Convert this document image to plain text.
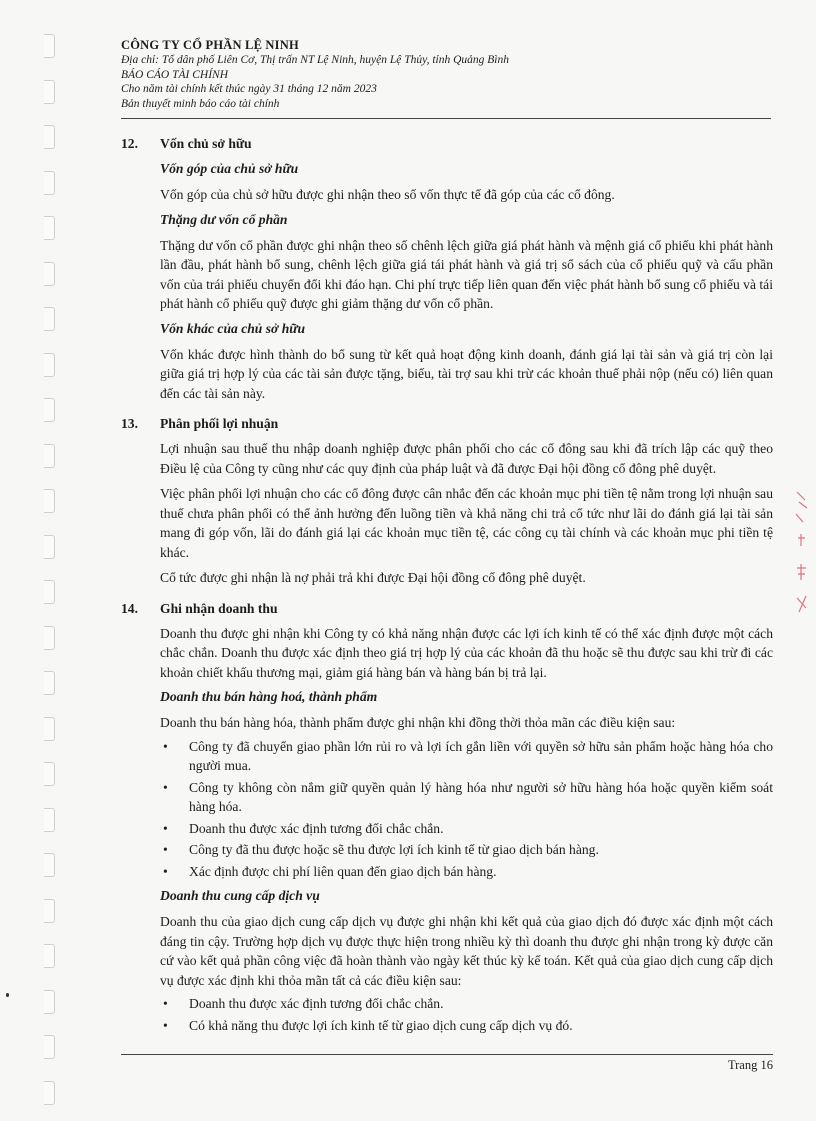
CÔNG TY CỔ PHẦN LỆ NINH
Địa chỉ: Tổ dân phố Liên Cơ, Thị trấn NT Lệ Ninh, huyện Lệ Thủy, tỉnh Quảng Bình
BÁO CÁO TÀI CHÍNH
Cho năm tài chính kết thúc ngày 31 tháng 12 năm 2023
Bản thuyết minh báo cáo tài chính
12.	Vốn chủ sở hữu
Vốn góp của chủ sở hữu
Vốn góp của chủ sở hữu được ghi nhận theo số vốn thực tế đã góp của các cổ đông.
Thặng dư vốn cổ phần
Thặng dư vốn cổ phần được ghi nhận theo số chênh lệch giữa giá phát hành và mệnh giá cổ phiếu khi phát hành lần đầu, phát hành bổ sung, chênh lệch giữa giá tái phát hành và giá trị sổ sách của cổ phiếu quỹ và cấu phần vốn của trái phiếu chuyển đổi khi đáo hạn. Chi phí trực tiếp liên quan đến việc phát hành bổ sung cổ phiếu và tái phát hành cổ phiếu quỹ được ghi giảm thặng dư vốn cổ phần.
Vốn khác của chủ sở hữu
Vốn khác được hình thành do bổ sung từ kết quả hoạt động kinh doanh, đánh giá lại tài sản và giá trị còn lại giữa giá trị hợp lý của các tài sản được tặng, biếu, tài trợ sau khi trừ các khoản thuế phải nộp (nếu có) liên quan đến các tài sản này.
13.	Phân phối lợi nhuận
Lợi nhuận sau thuế thu nhập doanh nghiệp được phân phối cho các cổ đông sau khi đã trích lập các quỹ theo Điều lệ của Công ty cũng như các quy định của pháp luật và đã được Đại hội đồng cổ đông phê duyệt.
Việc phân phối lợi nhuận cho các cổ đông được cân nhắc đến các khoản mục phi tiền tệ nằm trong lợi nhuận sau thuế chưa phân phối có thể ảnh hưởng đến luồng tiền và khả năng chi trả cổ tức như lãi do đánh giá lại tài sản mang đi góp vốn, lãi do đánh giá lại các khoản mục tiền tệ, các công cụ tài chính và các khoản mục phi tiền tệ khác.
Cổ tức được ghi nhận là nợ phải trả khi được Đại hội đồng cổ đông phê duyệt.
14.	Ghi nhận doanh thu
Doanh thu được ghi nhận khi Công ty có khả năng nhận được các lợi ích kinh tế có thể xác định được một cách chắc chắn. Doanh thu được xác định theo giá trị hợp lý của các khoản đã thu hoặc sẽ thu được sau khi trừ đi các khoản chiết khấu thương mại, giảm giá hàng bán và hàng bán bị trả lại.
Doanh thu bán hàng hoá, thành phẩm
Doanh thu bán hàng hóa, thành phẩm được ghi nhận khi đồng thời thỏa mãn các điều kiện sau:
• Công ty đã chuyển giao phần lớn rủi ro và lợi ích gắn liền với quyền sở hữu sản phẩm hoặc hàng hóa cho người mua.
• Công ty không còn nắm giữ quyền quản lý hàng hóa như người sở hữu hàng hóa hoặc quyền kiểm soát hàng hóa.
• Doanh thu được xác định tương đối chắc chắn.
• Công ty đã thu được hoặc sẽ thu được lợi ích kinh tế từ giao dịch bán hàng.
• Xác định được chi phí liên quan đến giao dịch bán hàng.
Doanh thu cung cấp dịch vụ
Doanh thu của giao dịch cung cấp dịch vụ được ghi nhận khi kết quả của giao dịch đó được xác định một cách đáng tin cậy. Trường hợp dịch vụ được thực hiện trong nhiều kỳ thì doanh thu được ghi nhận trong kỳ được căn cứ vào kết quả phần công việc đã hoàn thành vào ngày kết thúc kỳ kế toán. Kết quả của giao dịch cung cấp dịch vụ được xác định khi thỏa mãn tất cả các điều kiện sau:
• Doanh thu được xác định tương đối chắc chắn.
• Có khả năng thu được lợi ích kinh tế từ giao dịch cung cấp dịch vụ đó.
Trang 16
